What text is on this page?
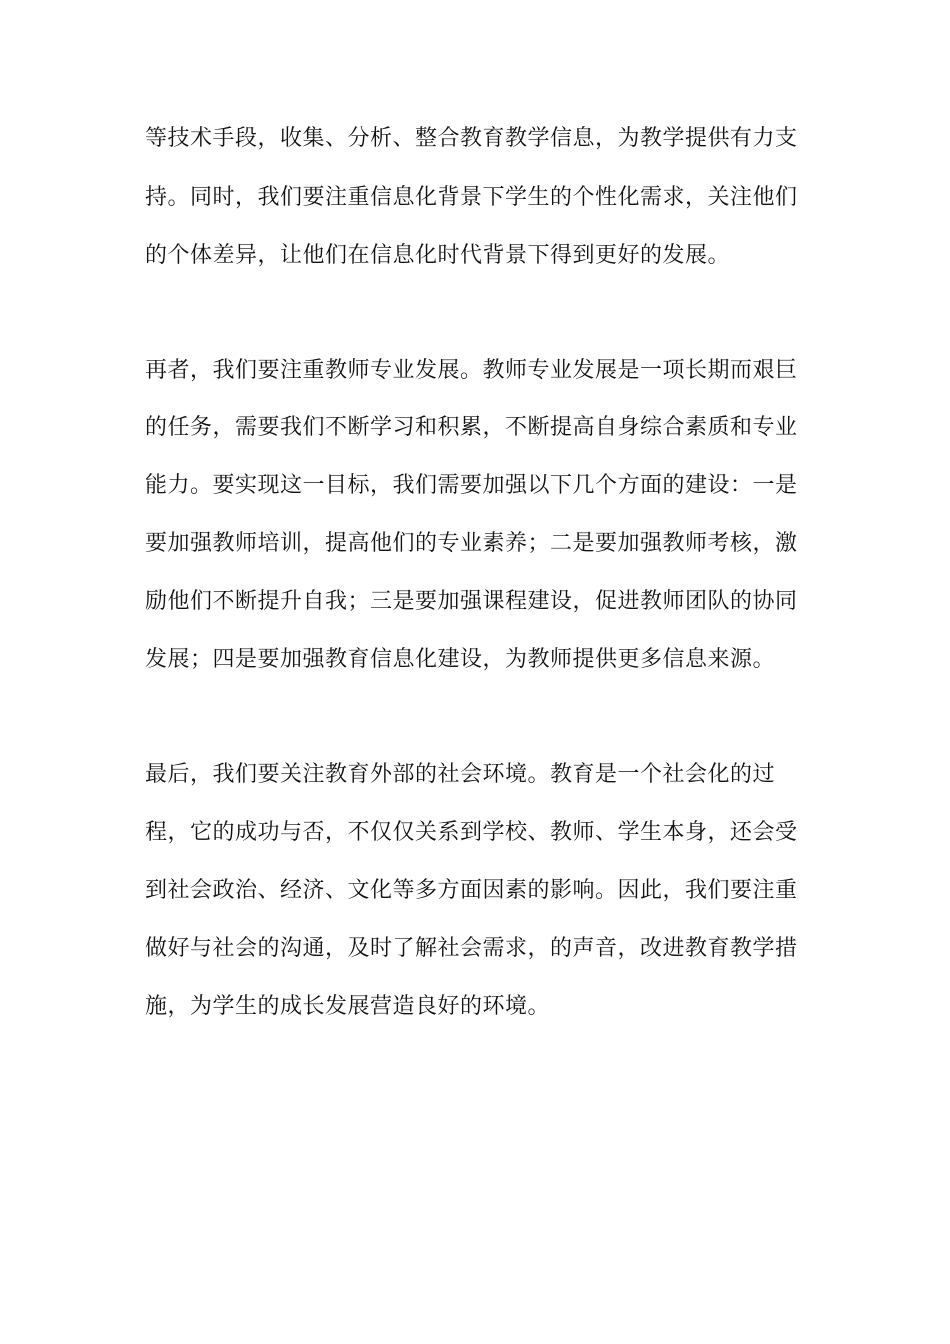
等技术手段，收集、分析、整合教育教学信息，为教学提供有力支
持。同时，我们要注重信息化背景下学生的个性化需求，关注他们
的个体差异，让他们在信息化时代背景下得到更好的发展。
再者，我们要注重教师专业发展。教师专业发展是一项长期而艰巨
的任务，需要我们不断学习和积累，不断提高自身综合素质和专业
能力。要实现这一目标，我们需要加强以下几个方面的建设：一是
要加强教师培训，提高他们的专业素养；二是要加强教师考核，激
励他们不断提升自我；三是要加强课程建设，促进教师团队的协同
发展；四是要加强教育信息化建设，为教师提供更多信息来源。
最后，我们要关注教育外部的社会环境。教育是一个社会化的过
程，它的成功与否，不仅仅关系到学校、教师、学生本身，还会受
到社会政治、经济、文化等多方面因素的影响。因此，我们要注重
做好与社会的沟通，及时了解社会需求，的声音，改进教育教学措
施，为学生的成长发展营造良好的环境。
